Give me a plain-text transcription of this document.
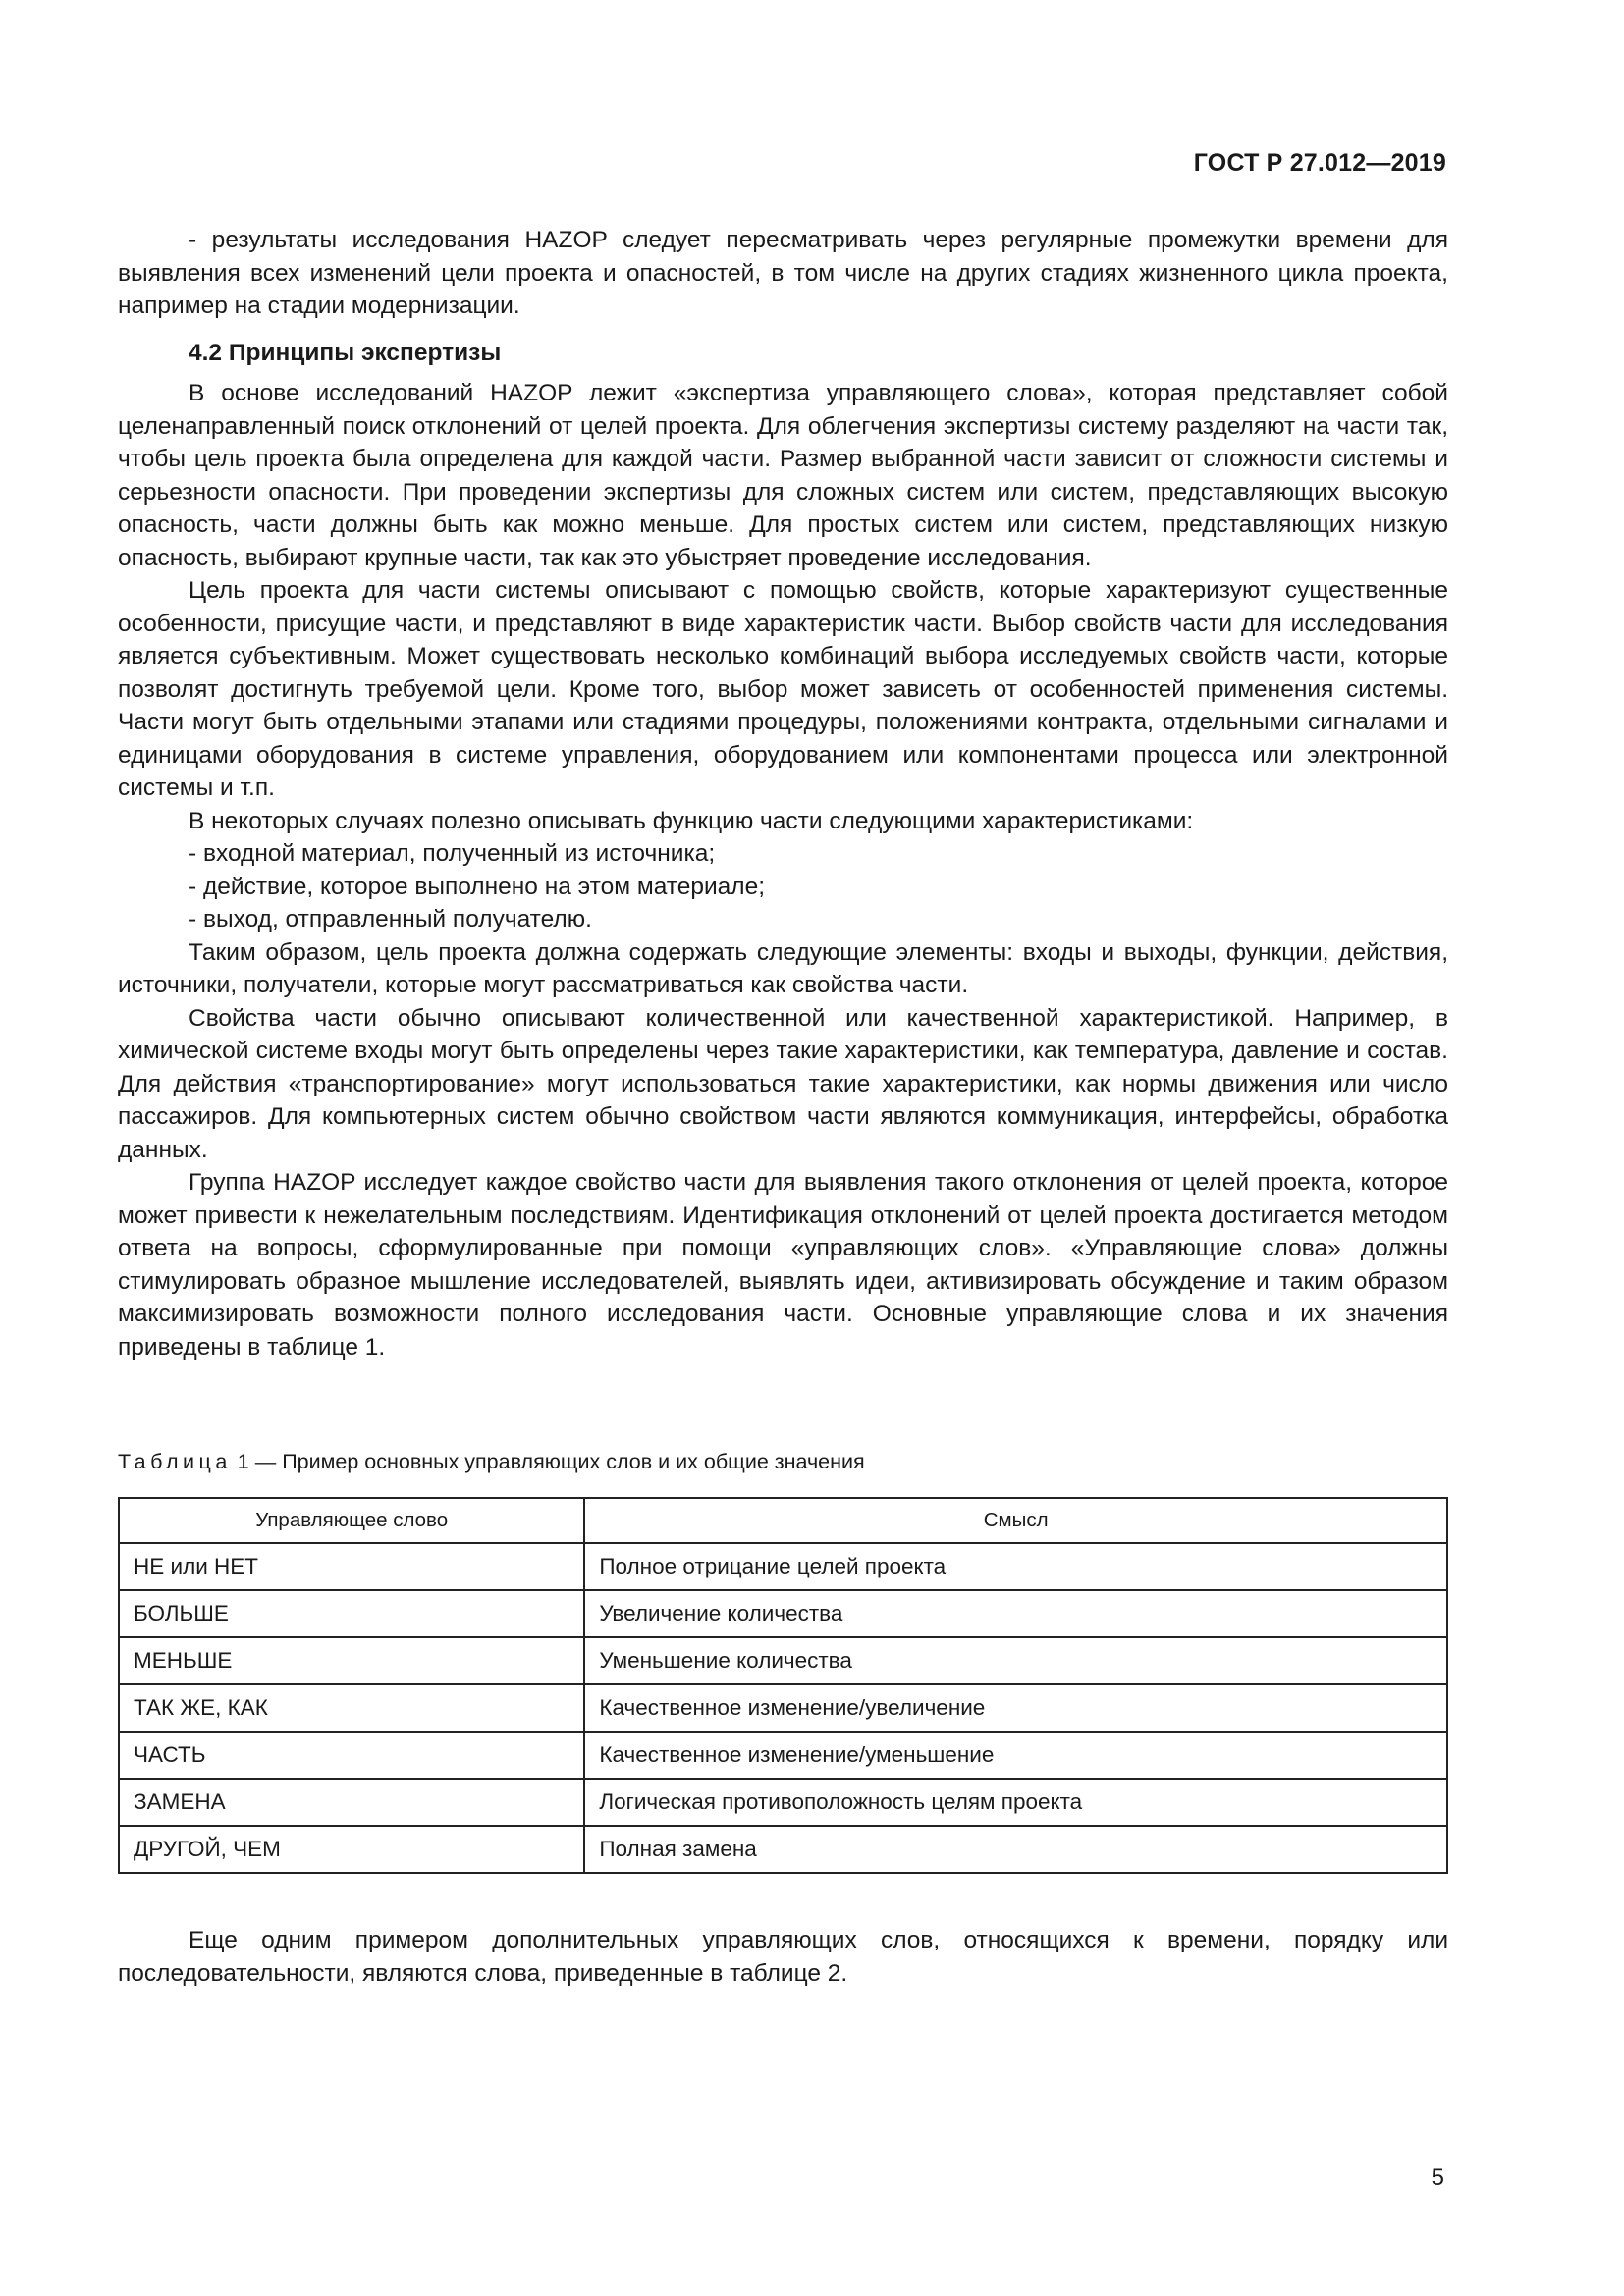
ГОСТ Р 27.012—2019

- результаты исследования HAZOP следует пересматривать через регулярные промежутки времени для выявления всех изменений цели проекта и опасностей, в том числе на других стадиях жизненного цикла проекта, например на стадии модернизации.

4.2 Принципы экспертизы

В основе исследований HAZOP лежит «экспертиза управляющего слова», которая представляет собой целенаправленный поиск отклонений от целей проекта. Для облегчения экспертизы систему разделяют на части так, чтобы цель проекта была определена для каждой части. Размер выбранной части зависит от сложности системы и серьезности опасности. При проведении экспертизы для сложных систем или систем, представляющих высокую опасность, части должны быть как можно меньше. Для простых систем или систем, представляющих низкую опасность, выбирают крупные части, так как это убыстряет проведение исследования.

Цель проекта для части системы описывают с помощью свойств, которые характеризуют существенные особенности, присущие части, и представляют в виде характеристик части. Выбор свойств части для исследования является субъективным. Может существовать несколько комбинаций выбора исследуемых свойств части, которые позволят достигнуть требуемой цели. Кроме того, выбор может зависеть от особенностей применения системы. Части могут быть отдельными этапами или стадиями процедуры, положениями контракта, отдельными сигналами и единицами оборудования в системе управления, оборудованием или компонентами процесса или электронной системы и т.п.

В некоторых случаях полезно описывать функцию части следующими характеристиками:

- входной материал, полученный из источника;

- действие, которое выполнено на этом материале;

- выход, отправленный получателю.

Таким образом, цель проекта должна содержать следующие элементы: входы и выходы, функции, действия, источники, получатели, которые могут рассматриваться как свойства части.

Свойства части обычно описывают количественной или качественной характеристикой. Например, в химической системе входы могут быть определены через такие характеристики, как температура, давление и состав. Для действия «транспортирование» могут использоваться такие характеристики, как нормы движения или число пассажиров. Для компьютерных систем обычно свойством части являются коммуникация, интерфейсы, обработка данных.

Группа HAZOP исследует каждое свойство части для выявления такого отклонения от целей проекта, которое может привести к нежелательным последствиям. Идентификация отклонений от целей проекта достигается методом ответа на вопросы, сформулированные при помощи «управляющих слов». «Управляющие слова» должны стимулировать образное мышление исследователей, выявлять идеи, активизировать обсуждение и таким образом максимизировать возможности полного исследования части. Основные управляющие слова и их значения приведены в таблице 1.

Таблица 1 — Пример основных управляющих слов и их общие значения
Управляющее слово	Смысл
НЕ или НЕТ	Полное отрицание целей проекта
БОЛЬШЕ	Увеличение количества
МЕНЬШЕ	Уменьшение количества
ТАК ЖЕ, КАК	Качественное изменение/увеличение
ЧАСТЬ	Качественное изменение/уменьшение
ЗАМЕНА	Логическая противоположность целям проекта
ДРУГОЙ, ЧЕМ	Полная замена

Еще одним примером дополнительных управляющих слов, относящихся к времени, порядку или последовательности, являются слова, приведенные в таблице 2.

5
